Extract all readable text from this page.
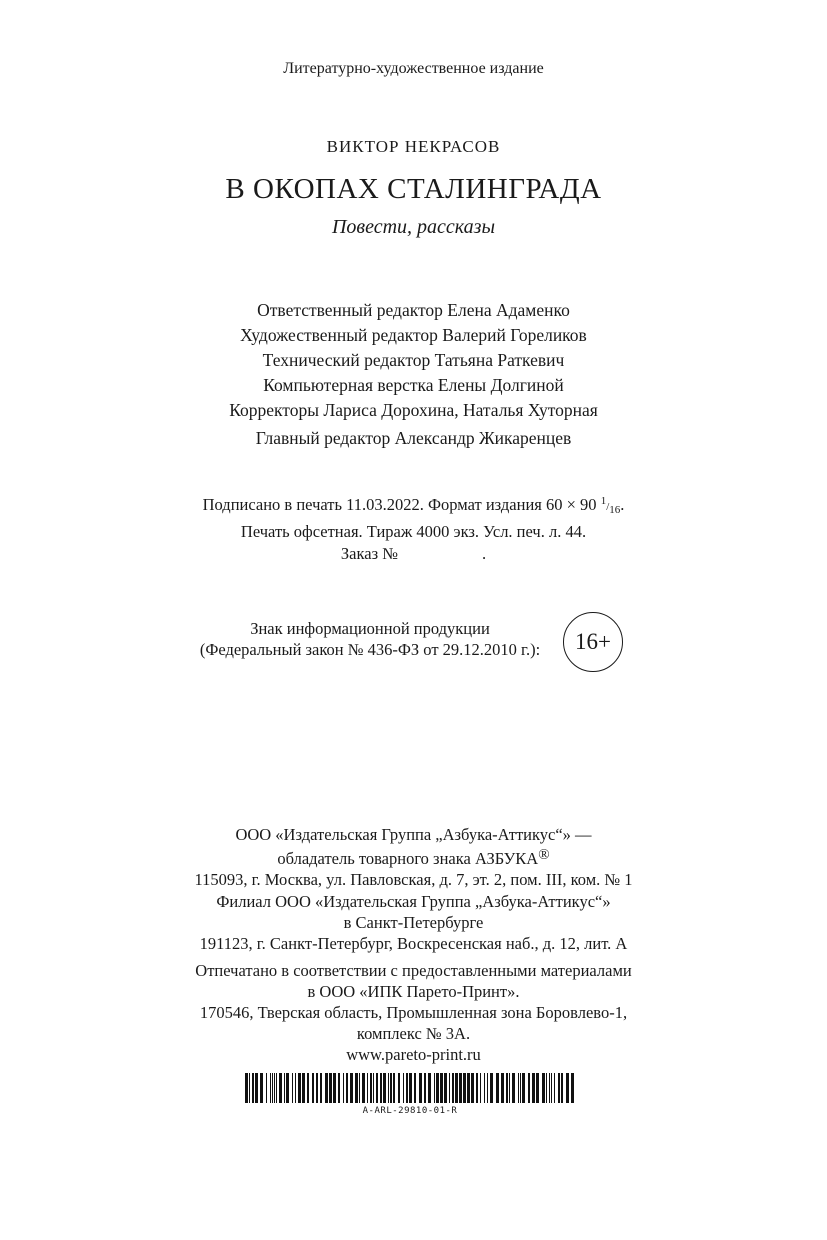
Литературно-художественное издание
ВИКТОР НЕКРАСОВ
В ОКОПАХ СТАЛИНГРАДА
Повести, рассказы
Ответственный редактор Елена Адаменко
Художественный редактор Валерий Гореликов
Технический редактор Татьяна Раткевич
Компьютерная верстка Елены Долгиной
Корректоры Лариса Дорохина, Наталья Хуторная
Главный редактор Александр Жикаренцев
Подписано в печать 11.03.2022. Формат издания 60 × 90 $^1/_{16}$.
Печать офсетная. Тираж 4000 экз. Усл. печ. л. 44.
Заказ №	.
Знак информационной продукции
(Федеральный закон № 436-ФЗ от 29.12.2010 г.):	16+
ООО «Издательская Группа „Азбука-Аттикус“» —
обладатель товарного знака АЗБУКА®
115093, г. Москва, ул. Павловская, д. 7, эт. 2, пом. III, ком. № 1
Филиал ООО «Издательская Группа „Азбука-Аттикус“»
в Санкт-Петербурге
191123, г. Санкт-Петербург, Воскресенская наб., д. 12, лит. А
Отпечатано в соответствии с предоставленными материалами
в ООО «ИПК Парето-Принт».
170546, Тверская область, Промышленная зона Боровлево-1,
комплекс № 3А.
www.pareto-print.ru
A-ARL-29810-01-R
